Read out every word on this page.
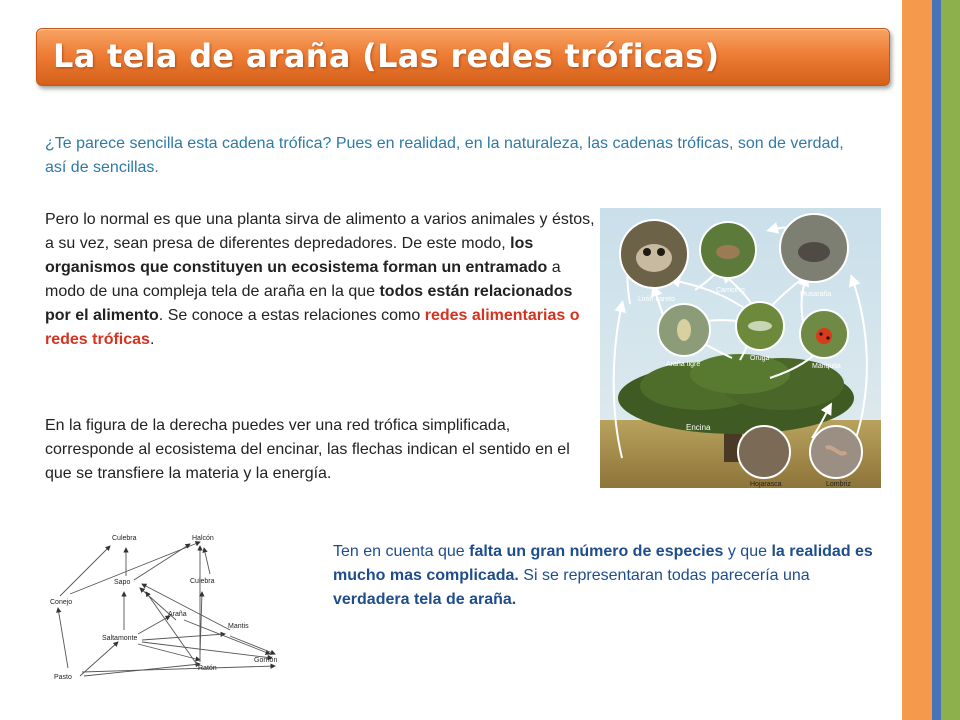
La tela de araña (Las redes tróficas)

¿Te parece sencilla esta cadena trófica? Pues en realidad, en la naturaleza, las cadenas tróficas, son de verdad, así de sencillas.

Pero lo normal es que una planta sirva de alimento a varios animales y éstos, a su vez, sean presa de diferentes depredadores. De este modo, los organismos que constituyen un ecosistema forman un entramado a modo de una compleja tela de araña en la que todos están relacionados por el alimento. Se conoce a estas relaciones como redes alimentarias o redes tróficas.

En la figura de la derecha puedes ver una red trófica simplificada, corresponde al ecosistema del encinar, las flechas indican el sentido en el que se transfiere la materia y la energía.

Lirón careto
Carricero
Musaraña
Araña tigre
Oruga
Mariquita
Encina
Hojarasca	Lombriz
Culebra	Halcón
Sapo	Culebra
Conejo
Araña
Mantis
Saltamonte
Gorrión
Ratón
Pasto

Ten en cuenta que falta un gran número de especies y que la realidad es mucho mas complicada. Si se representaran todas parecería una verdadera tela de araña.
